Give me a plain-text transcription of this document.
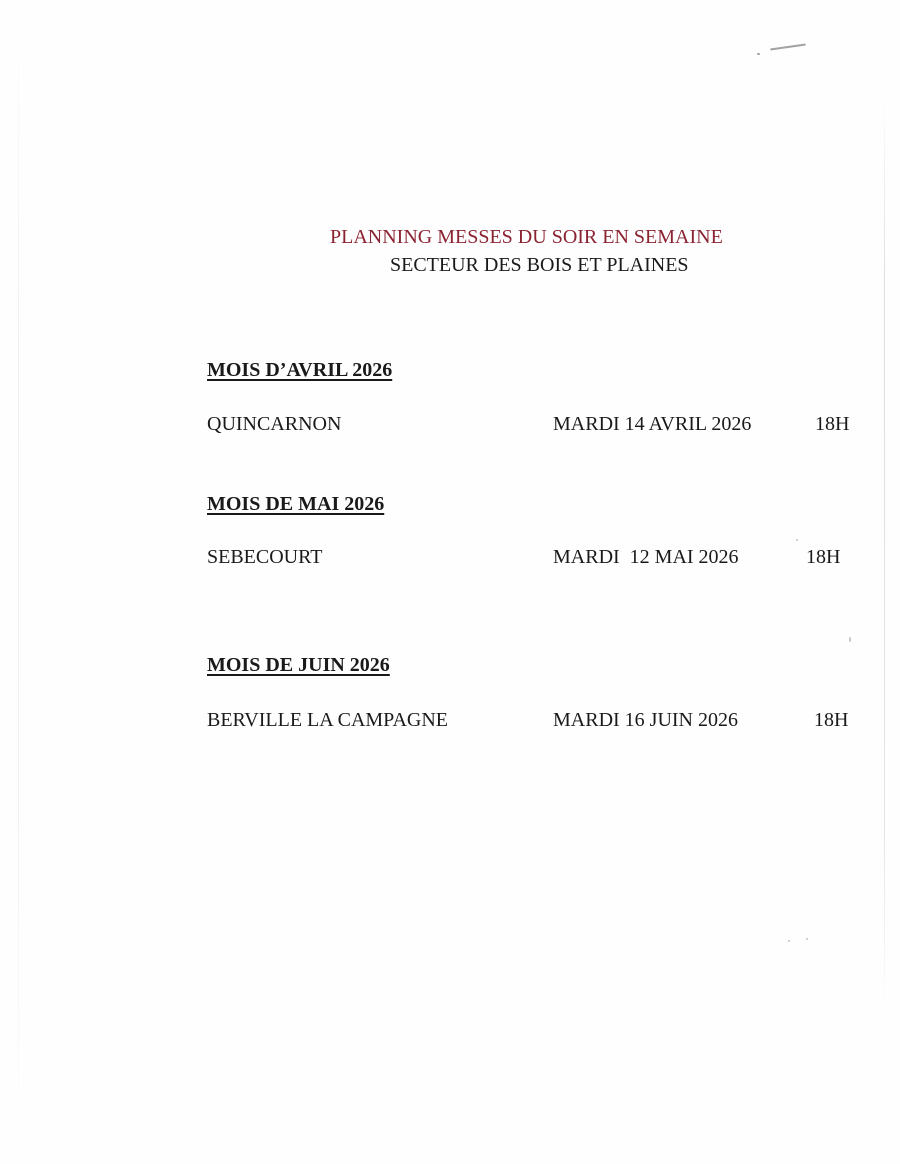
PLANNING MESSES DU SOIR EN SEMAINE
SECTEUR DES BOIS ET PLAINES
MOIS D’AVRIL 2026
QUINCARNON	MARDI 14 AVRIL 2026	18H
MOIS DE MAI 2026
SEBECOURT	MARDI  12 MAI 2026	18H
MOIS DE JUIN 2026
BERVILLE LA CAMPAGNE	MARDI 16 JUIN 2026	18H
